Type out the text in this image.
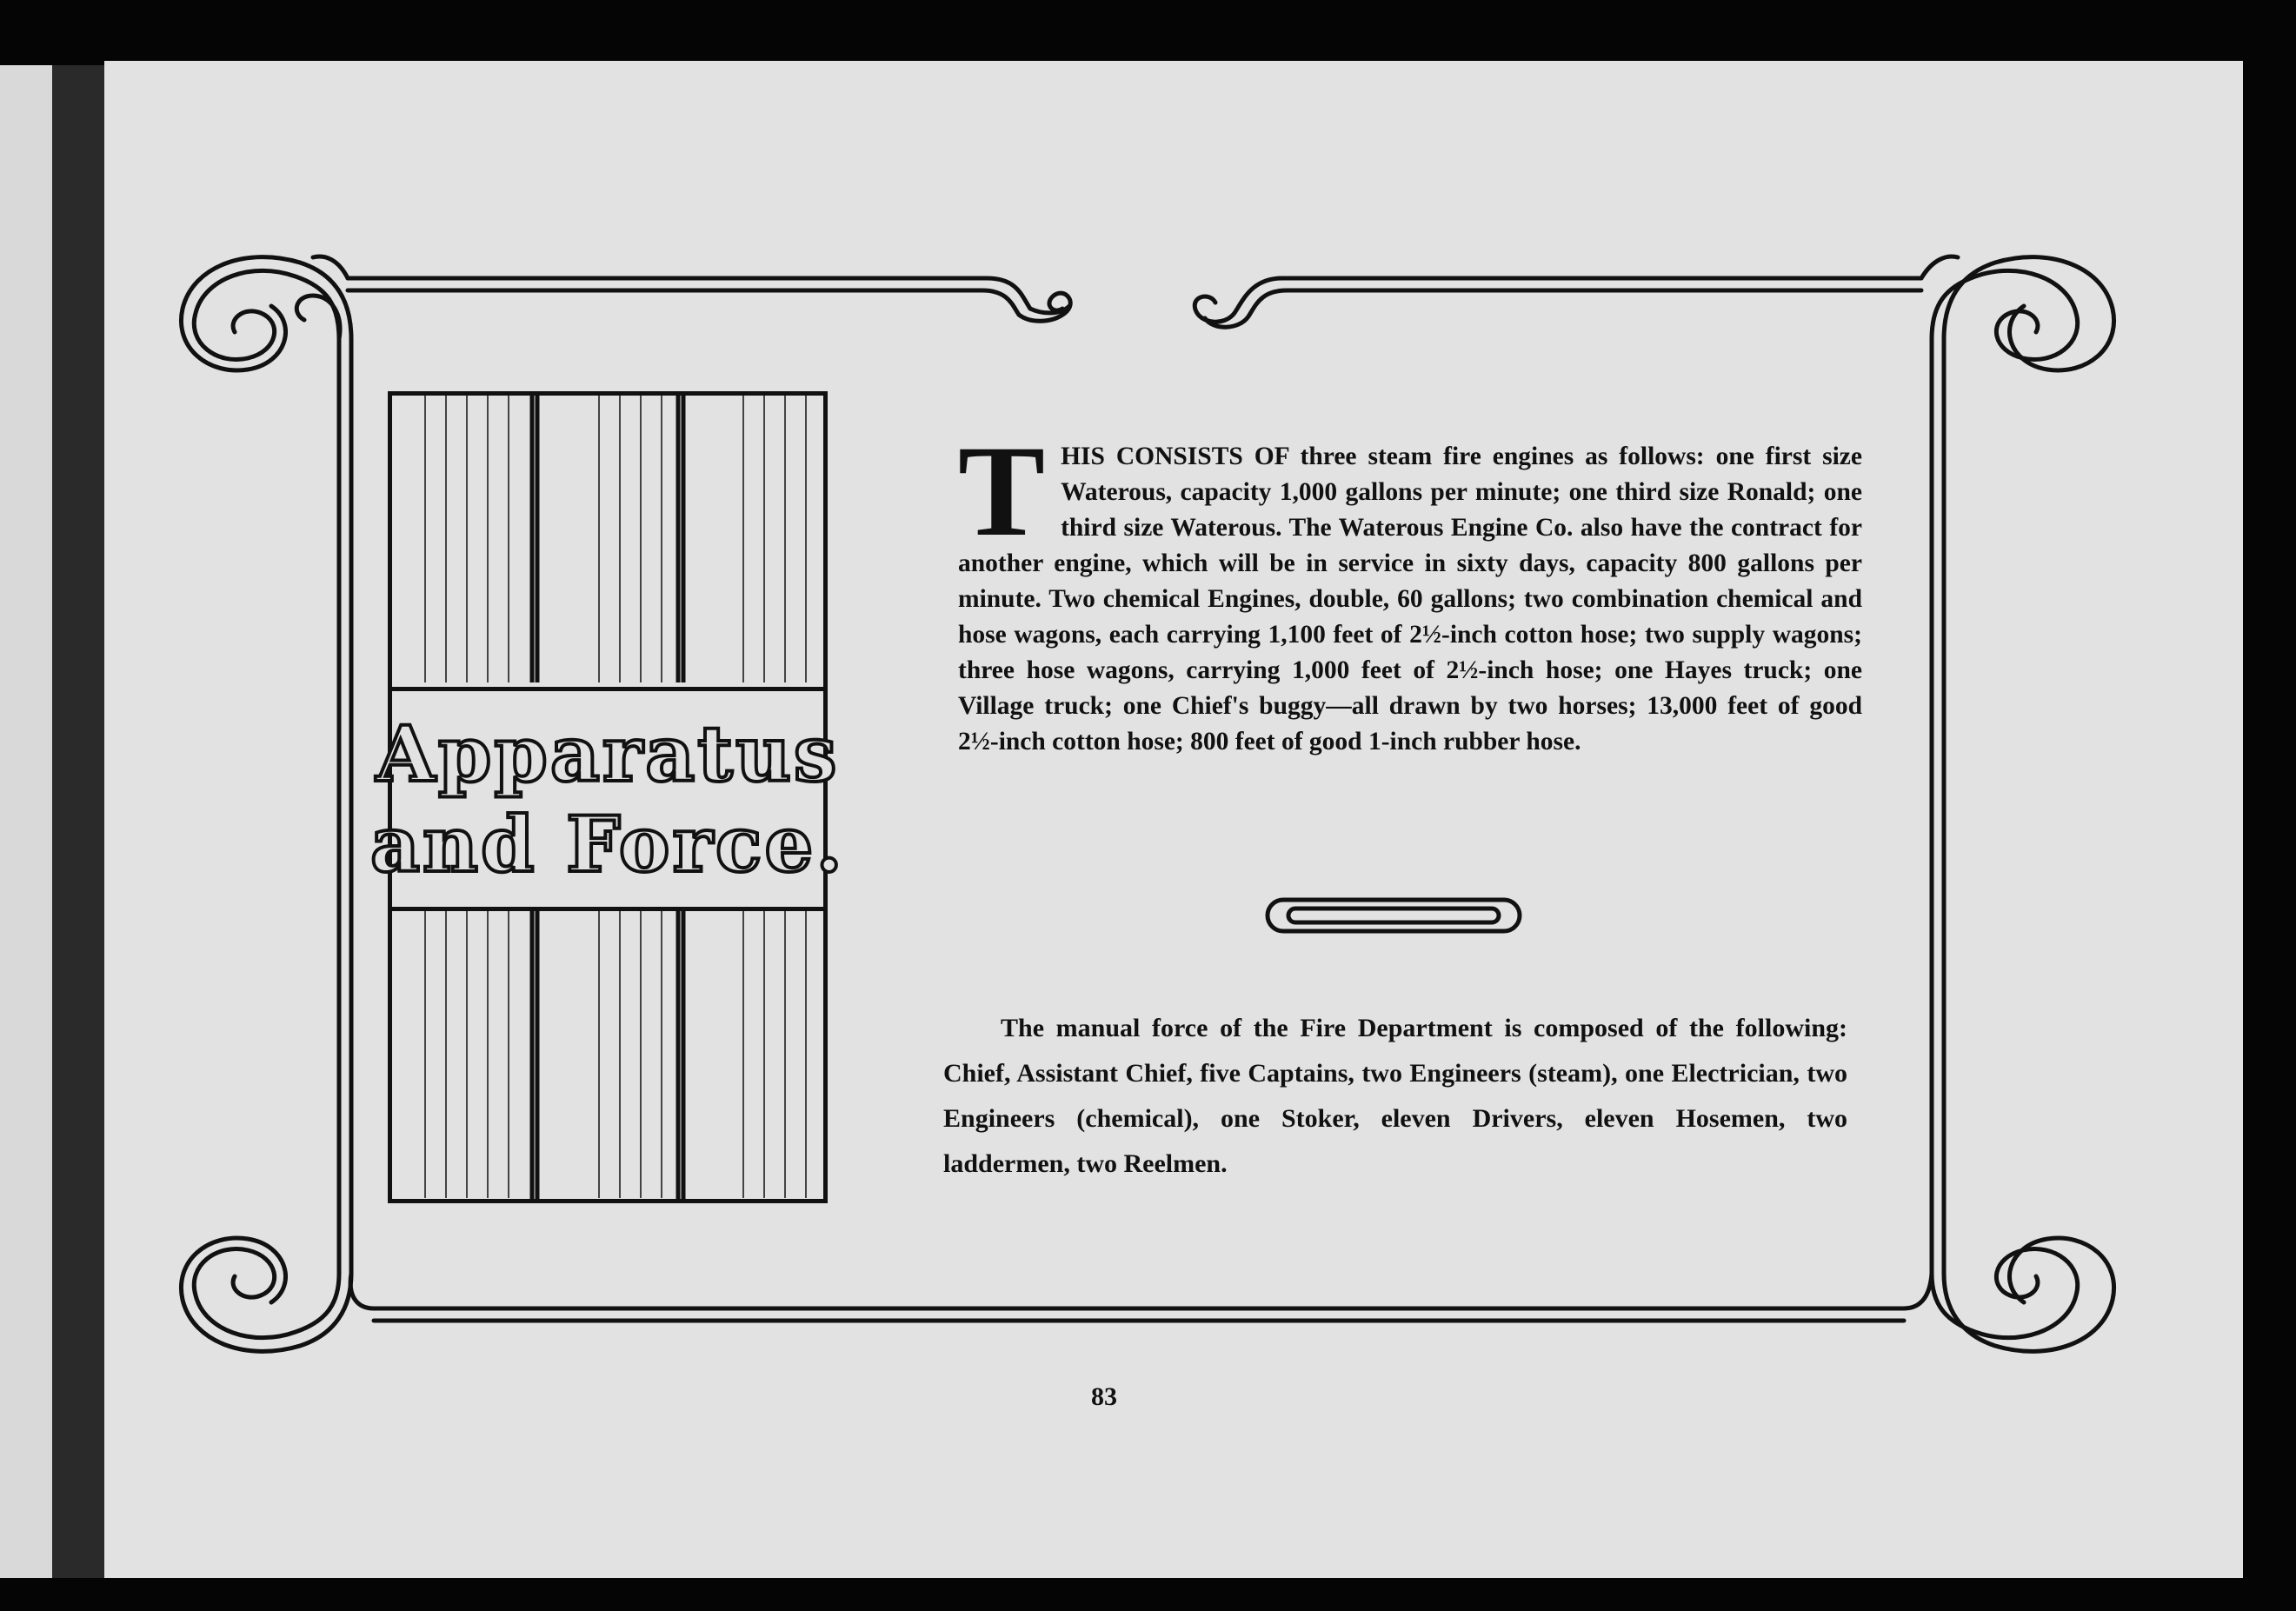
Apparatus
and Force.
T HIS CONSISTS OF three steam fire engines as follows: one first size Waterous, capacity 1,000 gallons per minute; one third size Ronald; one third size Waterous. The Waterous Engine Co. also have the contract for another engine, which will be in service in sixty days, capacity 800 gallons per minute. Two chemical Engines, double, 60 gallons; two combination chemical and hose wagons, each carrying 1,100 feet of 2½-inch cotton hose; two supply wagons; three hose wagons, carrying 1,000 feet of 2½-inch hose; one Hayes truck; one Village truck; one Chief's buggy—all drawn by two horses; 13,000 feet of good 2½-inch cotton hose; 800 feet of good 1-inch rubber hose.
The manual force of the Fire Department is composed of the following: Chief, Assistant Chief, five Captains, two Engineers (steam), one Electrician, two Engineers (chemical), one Stoker, eleven Drivers, eleven Hosemen, two laddermen, two Reelmen.
83
